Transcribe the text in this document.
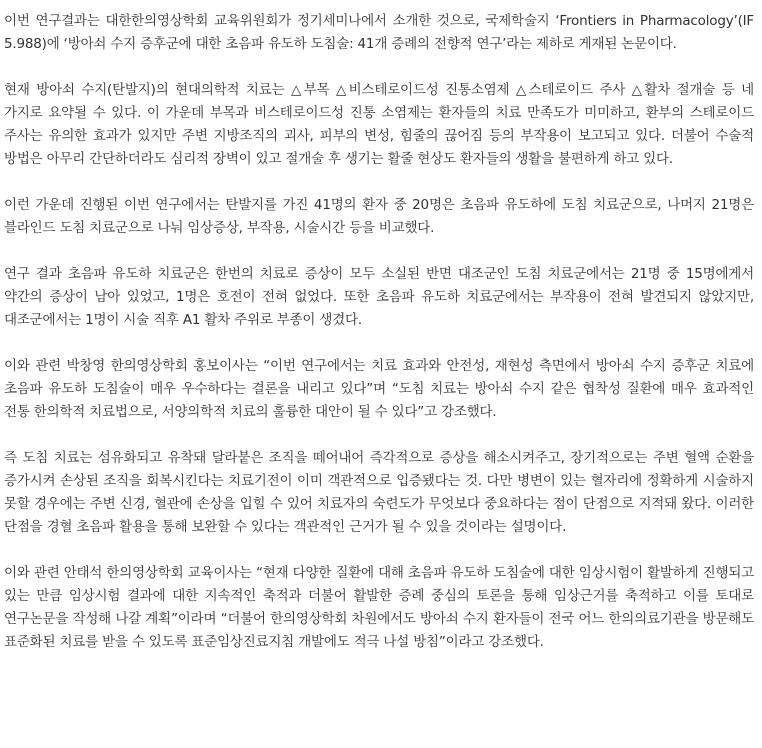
이번 연구결과는 대한한의영상학회 교육위원회가 정기세미나에서 소개한 것으로, 국제학술지 ‘Frontiers in Pharmacology’(IF 5.988)에 ‘방아쇠 수지 증후군에 대한 초음파 유도하 도침술: 41개 증례의 전향적 연구’라는 제하로 게재된 논문이다.

현재 방아쇠 수지(탄발지)의 현대의학적 치료는 △부목 △비스테로이드성 진통소염제 △스테로이드 주사 △활차 절개술 등 네 가지로 요약될 수 있다. 이 가운데 부목과 비스테로이드성 진통 소염제는 환자들의 치료 만족도가 미미하고, 환부의 스테로이드 주사는 유의한 효과가 있지만 주변 지방조직의 괴사, 피부의 변성, 힘줄의 끊어짐 등의 부작용이 보고되고 있다. 더불어 수술적 방법은 아무리 간단하더라도 심리적 장벽이 있고 절개술 후 생기는 활줄 현상도 환자들의 생활을 불편하게 하고 있다.

이런 가운데 진행된 이번 연구에서는 탄발지를 가진 41명의 환자 중 20명은 초음파 유도하에 도침 치료군으로, 나머지 21명은 블라인드 도침 치료군으로 나눠 임상증상, 부작용, 시술시간 등을 비교했다.

연구 결과 초음파 유도하 치료군은 한번의 치료로 증상이 모두 소실된 반면 대조군인 도침 치료군에서는 21명 중 15명에게서 약간의 증상이 남아 있었고, 1명은 호전이 전혀 없었다. 또한 초음파 유도하 치료군에서는 부작용이 전혀 발견되지 않았지만, 대조군에서는 1명이 시술 직후 A1 활차 주위로 부종이 생겼다.

이와 관련 박창영 한의영상학회 홍보이사는 “이번 연구에서는 치료 효과와 안전성, 재현성 측면에서 방아쇠 수지 증후군 치료에 초음파 유도하 도침술이 매우 우수하다는 결론을 내리고 있다”며 “도침 치료는 방아쇠 수지 같은 협착성 질환에 매우 효과적인 전통 한의학적 치료법으로, 서양의학적 치료의 훌륭한 대안이 될 수 있다”고 강조했다.

즉 도침 치료는 섬유화되고 유착돼 달라붙은 조직을 떼어내어 즉각적으로 증상을 해소시켜주고, 장기적으로는 주변 혈액 순환을 증가시켜 손상된 조직을 회복시킨다는 치료기전이 이미 객관적으로 입증됐다는 것. 다만 병변이 있는 혈자리에 정확하게 시술하지 못할 경우에는 주변 신경, 혈관에 손상을 입힐 수 있어 치료자의 숙련도가 무엇보다 중요하다는 점이 단점으로 지적돼 왔다. 이러한 단점을 경혈 초음파 활용을 통해 보완할 수 있다는 객관적인 근거가 될 수 있을 것이라는 설명이다.

이와 관련 안태석 한의영상학회 교육이사는 “현재 다양한 질환에 대해 초음파 유도하 도침술에 대한 임상시험이 활발하게 진행되고 있는 만큼 임상시험 결과에 대한 지속적인 축적과 더불어 활발한 증례 중심의 토론을 통해 임상근거를 축적하고 이를 토대로 연구논문을 작성해 나갈 계획”이라며 “더불어 한의영상학회 차원에서도 방아쇠 수지 환자들이 전국 어느 한의의료기관을 방문해도 표준화된 치료를 받을 수 있도록 표준임상진료지침 개발에도 적극 나설 방침”이라고 강조했다.
